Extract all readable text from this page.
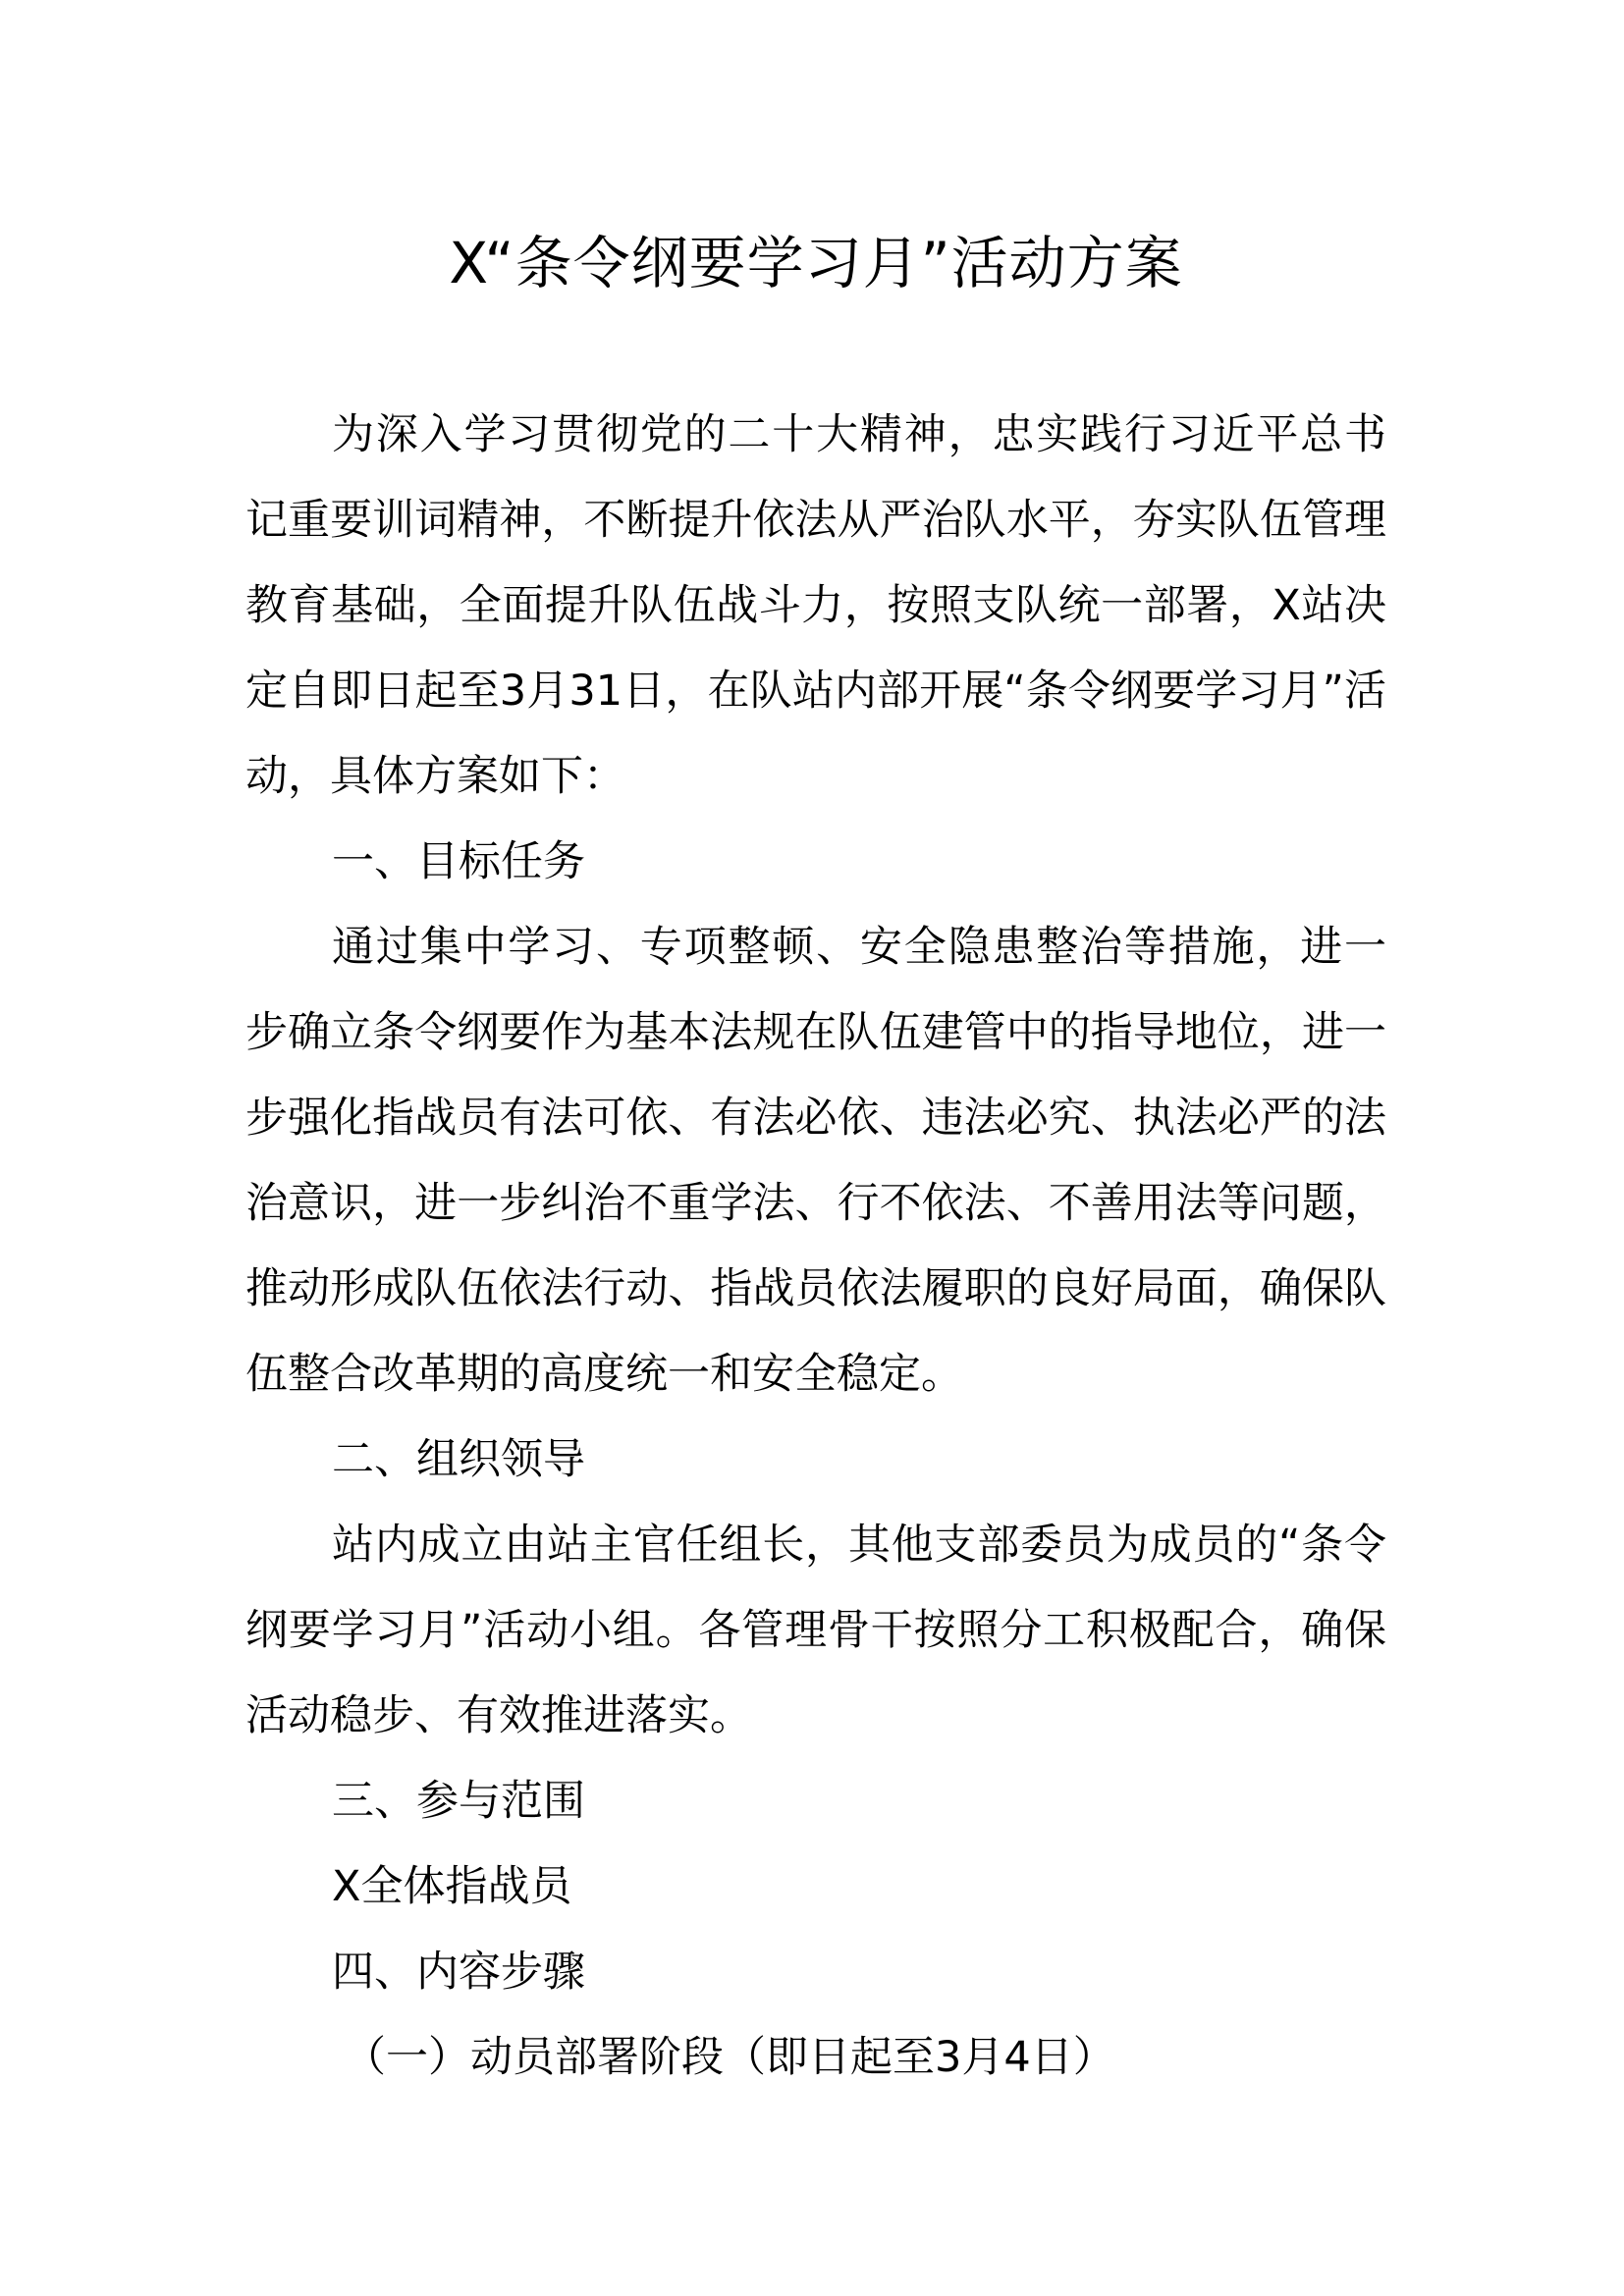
X“条令纲要学习月”活动方案

为深入学习贯彻党的二十大精神，忠实践行习近平总书记重要训词精神，不断提升依法从严治队水平，夯实队伍管理教育基础，全面提升队伍战斗力，按照支队统一部署，X站决定自即日起至3月31日，在队站内部开展“条令纲要学习月”活动，具体方案如下：

一、目标任务

通过集中学习、专项整顿、安全隐患整治等措施，进一步确立条令纲要作为基本法规在队伍建管中的指导地位，进一步强化指战员有法可依、有法必依、违法必究、执法必严的法治意识，进一步纠治不重学法、行不依法、不善用法等问题，推动形成队伍依法行动、指战员依法履职的良好局面，确保队伍整合改革期的高度统一和安全稳定。

二、组织领导

站内成立由站主官任组长，其他支部委员为成员的“条令纲要学习月”活动小组。各管理骨干按照分工积极配合，确保活动稳步、有效推进落实。

三、参与范围

X全体指战员

四、内容步骤

（一）动员部署阶段（即日起至3月4日）
